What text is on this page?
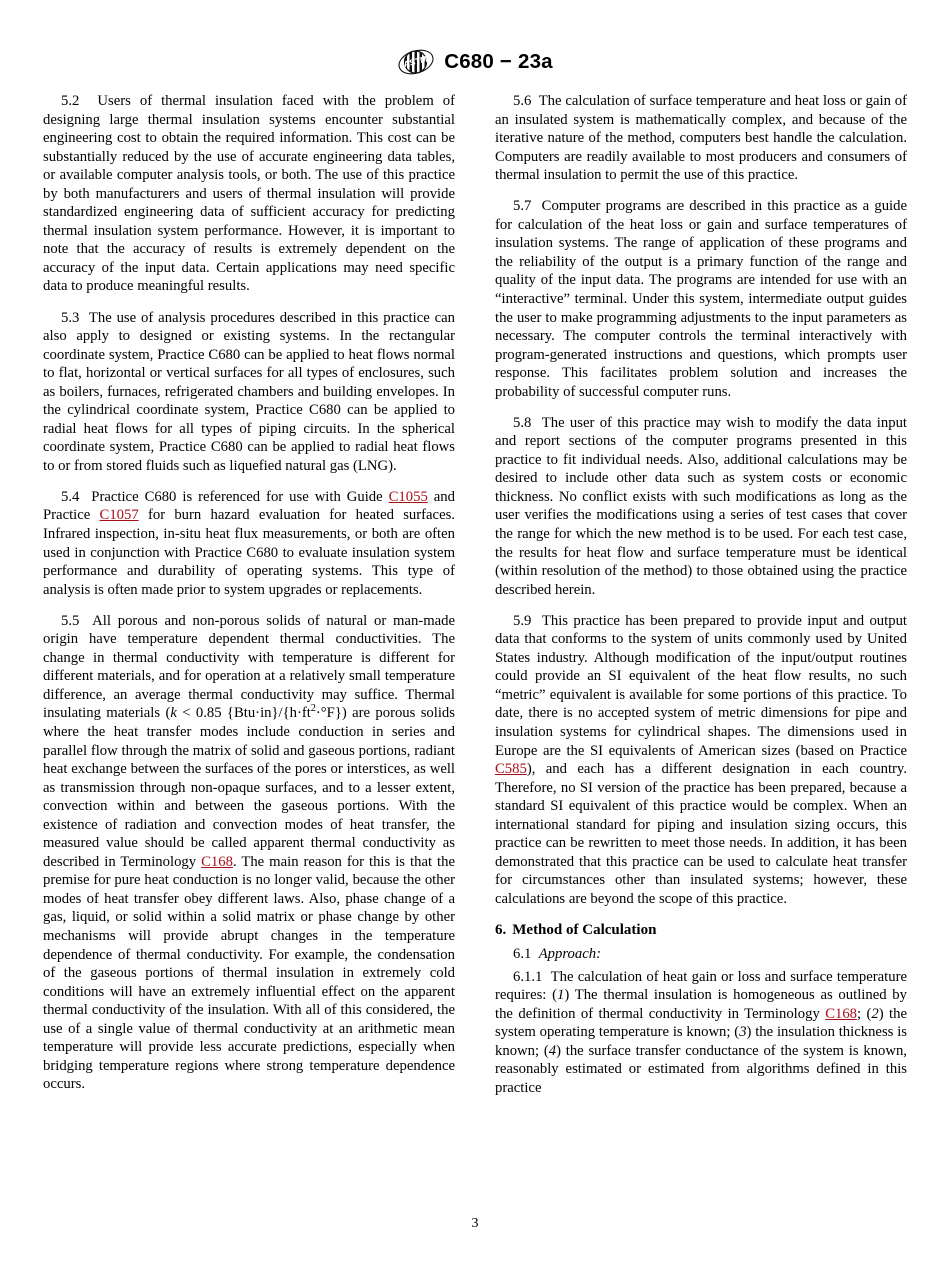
ASTM C680 − 23a

5.2 Users of thermal insulation faced with the problem of designing large thermal insulation systems encounter substantial engineering cost to obtain the required information. This cost can be substantially reduced by the use of accurate engineering data tables, or available computer analysis tools, or both. The use of this practice by both manufacturers and users of thermal insulation will provide standardized engineering data of sufficient accuracy for predicting thermal insulation system performance. However, it is important to note that the accuracy of results is extremely dependent on the accuracy of the input data. Certain applications may need specific data to produce meaningful results.

5.3 The use of analysis procedures described in this practice can also apply to designed or existing systems. In the rectangular coordinate system, Practice C680 can be applied to heat flows normal to flat, horizontal or vertical surfaces for all types of enclosures, such as boilers, furnaces, refrigerated chambers and building envelopes. In the cylindrical coordinate system, Practice C680 can be applied to radial heat flows for all types of piping circuits. In the spherical coordinate system, Practice C680 can be applied to radial heat flows to or from stored fluids such as liquefied natural gas (LNG).

5.4 Practice C680 is referenced for use with Guide C1055 and Practice C1057 for burn hazard evaluation for heated surfaces. Infrared inspection, in-situ heat flux measurements, or both are often used in conjunction with Practice C680 to evaluate insulation system performance and durability of operating systems. This type of analysis is often made prior to system upgrades or replacements.

5.5 All porous and non-porous solids of natural or man-made origin have temperature dependent thermal conductivities. The change in thermal conductivity with temperature is different for different materials, and for operation at a relatively small temperature difference, an average thermal conductivity may suffice. Thermal insulating materials (k < 0.85 $\{Btu\cdot in\}/\{h\cdot ft^2\cdot^\circ F\}$) are porous solids where the heat transfer modes include conduction in series and parallel flow through the matrix of solid and gaseous portions, radiant heat exchange between the surfaces of the pores or interstices, as well as transmission through non-opaque surfaces, and to a lesser extent, convection within and between the gaseous portions. With the existence of radiation and convection modes of heat transfer, the measured value should be called apparent thermal conductivity as described in Terminology C168. The main reason for this is that the premise for pure heat conduction is no longer valid, because the other modes of heat transfer obey different laws. Also, phase change of a gas, liquid, or solid within a solid matrix or phase change by other mechanisms will provide abrupt changes in the temperature dependence of thermal conductivity. For example, the condensation of the gaseous portions of thermal insulation in extremely cold conditions will have an extremely influential effect on the apparent thermal conductivity of the insulation. With all of this considered, the use of a single value of thermal conductivity at an arithmetic mean temperature will provide less accurate predictions, especially when bridging temperature regions where strong temperature dependence occurs.

5.6 The calculation of surface temperature and heat loss or gain of an insulated system is mathematically complex, and because of the iterative nature of the method, computers best handle the calculation. Computers are readily available to most producers and consumers of thermal insulation to permit the use of this practice.

5.7 Computer programs are described in this practice as a guide for calculation of the heat loss or gain and surface temperatures of insulation systems. The range of application of these programs and the reliability of the output is a primary function of the range and quality of the input data. The programs are intended for use with an “interactive” terminal. Under this system, intermediate output guides the user to make programming adjustments to the input parameters as necessary. The computer controls the terminal interactively with program-generated instructions and questions, which prompts user response. This facilitates problem solution and increases the probability of successful computer runs.

5.8 The user of this practice may wish to modify the data input and report sections of the computer programs presented in this practice to fit individual needs. Also, additional calculations may be desired to include other data such as system costs or economic thickness. No conflict exists with such modifications as long as the user verifies the modifications using a series of test cases that cover the range for which the new method is to be used. For each test case, the results for heat flow and surface temperature must be identical (within resolution of the method) to those obtained using the practice described herein.

5.9 This practice has been prepared to provide input and output data that conforms to the system of units commonly used by United States industry. Although modification of the input/output routines could provide an SI equivalent of the heat flow results, no such “metric” equivalent is available for some portions of this practice. To date, there is no accepted system of metric dimensions for pipe and insulation systems for cylindrical shapes. The dimensions used in Europe are the SI equivalents of American sizes (based on Practice C585), and each has a different designation in each country. Therefore, no SI version of the practice has been prepared, because a standard SI equivalent of this practice would be complex. When an international standard for piping and insulation sizing occurs, this practice can be rewritten to meet those needs. In addition, it has been demonstrated that this practice can be used to calculate heat transfer for circumstances other than insulated systems; however, these calculations are beyond the scope of this practice.

6. Method of Calculation

6.1 Approach:

6.1.1 The calculation of heat gain or loss and surface temperature requires: (1) The thermal insulation is homogeneous as outlined by the definition of thermal conductivity in Terminology C168; (2) the system operating temperature is known; (3) the insulation thickness is known; (4) the surface transfer conductance of the system is known, reasonably estimated or estimated from algorithms defined in this practice

3
